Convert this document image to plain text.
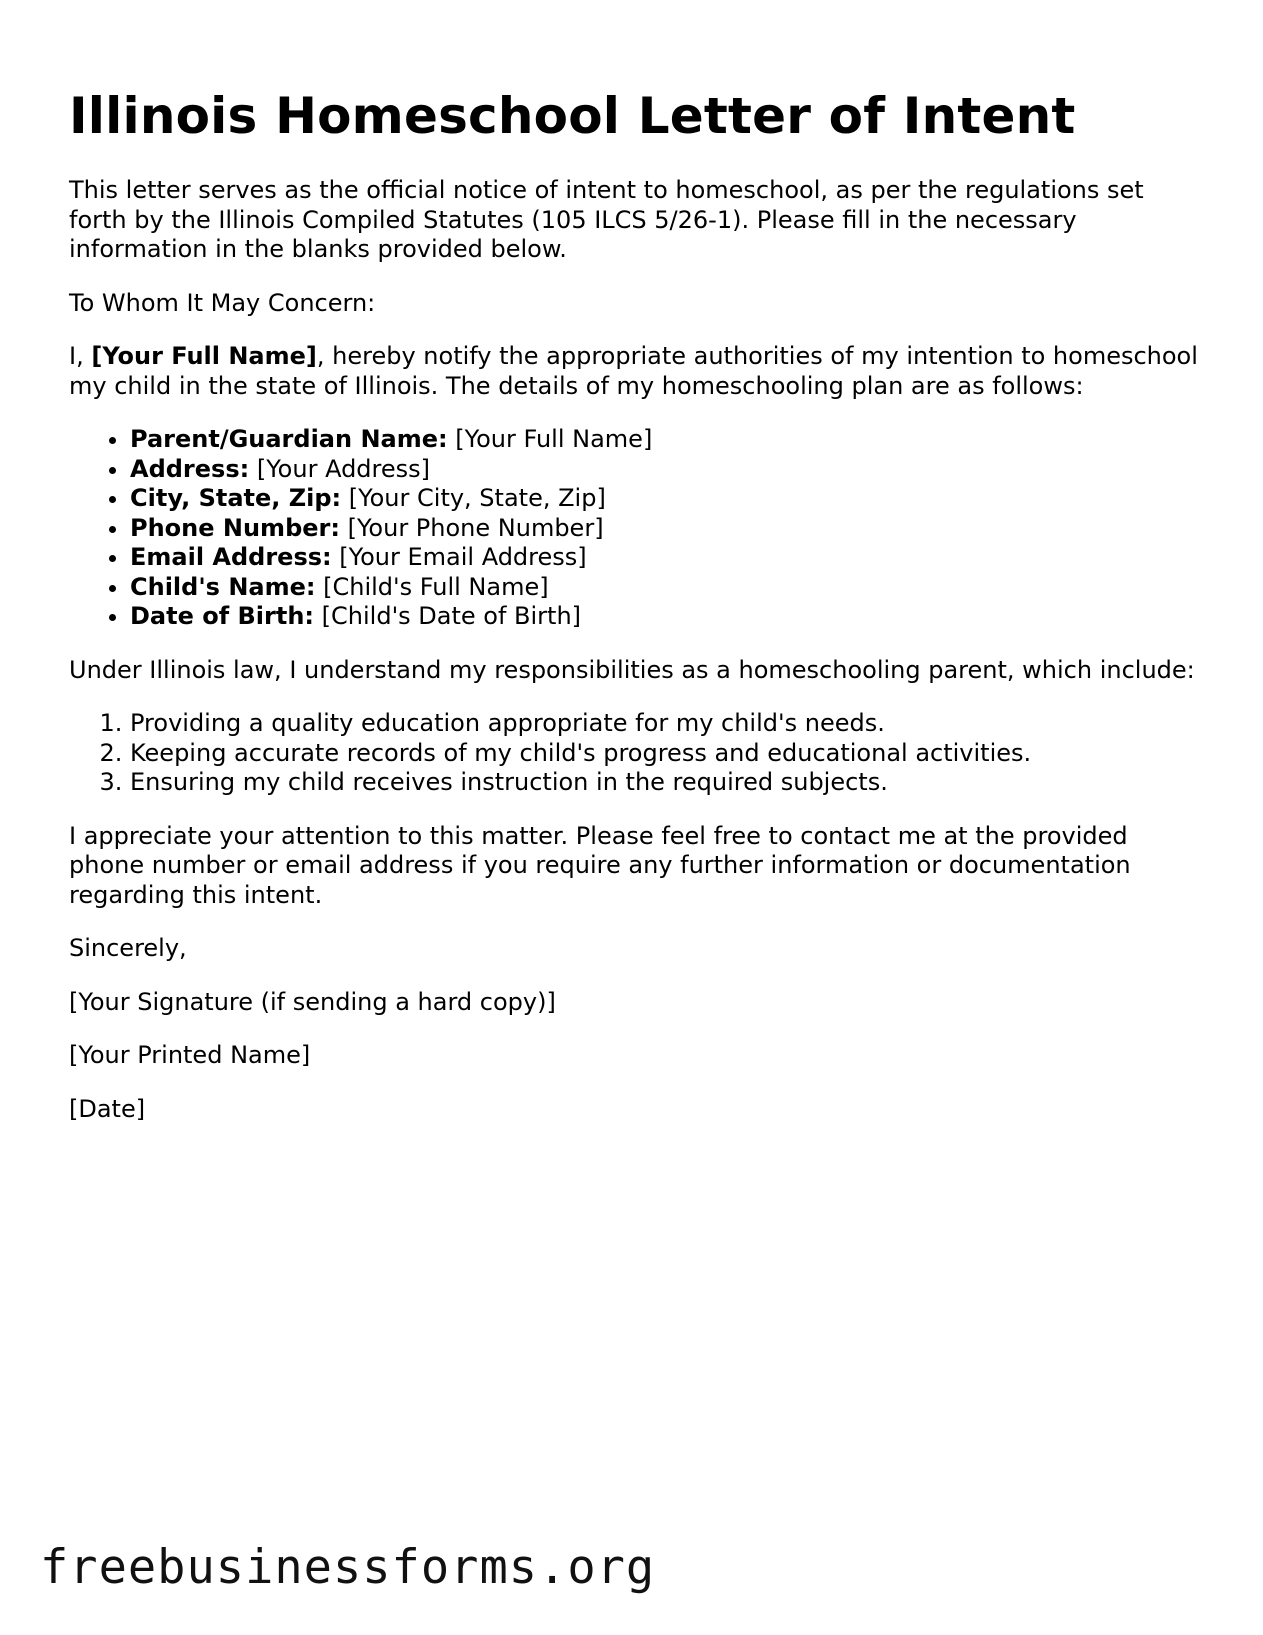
Illinois Homeschool Letter of Intent

This letter serves as the official notice of intent to homeschool, as per the regulations set forth by the Illinois Compiled Statutes (105 ILCS 5/26-1). Please fill in the necessary information in the blanks provided below.

To Whom It May Concern:

I, [Your Full Name], hereby notify the appropriate authorities of my intention to homeschool my child in the state of Illinois. The details of my homeschooling plan are as follows:

• Parent/Guardian Name: [Your Full Name]
• Address: [Your Address]
• City, State, Zip: [Your City, State, Zip]
• Phone Number: [Your Phone Number]
• Email Address: [Your Email Address]
• Child's Name: [Child's Full Name]
• Date of Birth: [Child's Date of Birth]

Under Illinois law, I understand my responsibilities as a homeschooling parent, which include:

1. Providing a quality education appropriate for my child's needs.
2. Keeping accurate records of my child's progress and educational activities.
3. Ensuring my child receives instruction in the required subjects.

I appreciate your attention to this matter. Please feel free to contact me at the provided phone number or email address if you require any further information or documentation regarding this intent.

Sincerely,

[Your Signature (if sending a hard copy)]

[Your Printed Name]

[Date]

freebusinessforms.org
